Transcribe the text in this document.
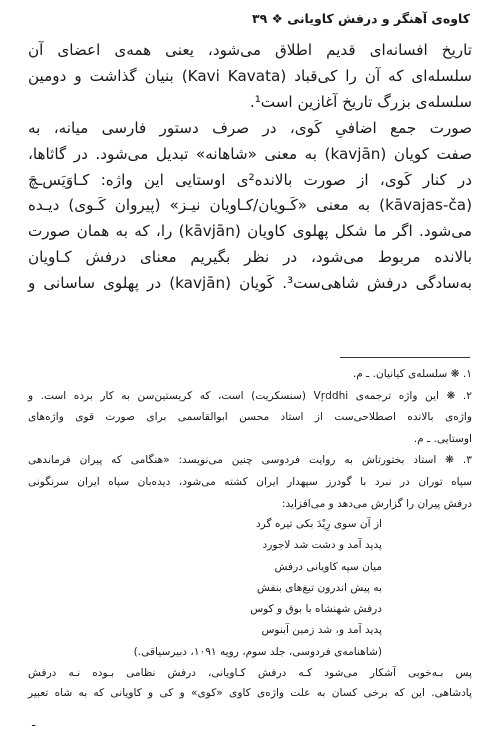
کاوه‌ی آهنگر و درفش کاویانی ❖ ۳۹

تاریخ افسانه‌ای قدیم اطلاق می‌شود، یعنی همه‌ی اعضای آن

سلسله‌ای که آن را کی‌قباد (Kavi Kavata) بنیان گذاشت و دومین

سلسله‌ی بزرگ تاریخ آغازین است¹.

صورت جمع اضافیِ کَوی، در صرف دستور فارسی میانه، به

صفت کویان (kavjān) به معنی «شاهانه» تبدیل می‌شود. در گاثاها،

در کنار کَوی، از صورت بالانده²ی اوستایی این واژه: کـاوَیَس‌ـچَ

(kāvajas-ča) به معنی «کَـویان/کـاویان نیـز» (پیروان کَـوی) دیـده

می‌شود. اگر ما شکل پهلوی کاویان (kāvjān) را، که به همان صورت

بالانده مربوط می‌شود، در نظر بگیریم معنای درفش کـاویان

به‌سادگی درفش شاهی‌ست³. کَویان (kavjān) در پهلوی ساسانی و

۱. ❋ سلسله‌ی کیانیان. ـ م.
۲. ❋ این واژه ترجمه‌ی Vŗddhi (سنسکریت) است، که کریستین‌سن به کار برده است. و
واژه‌ی بالانده اصطلاحی‌ست از استاد محسن ابوالقاسمی برای صورت قوی واژه‌های
اوستایی. ـ م.
۳. ❋ استاد بختورتاش به روایت فردوسی چنین می‌نویسد: «هنگامی که پیران فرماندهی
سپاه توران در نبرد با گودرز سپهدار ایران کشته می‌شود، دیده‌بان سپاه ایران سرنگونی
درفش پیران را گزارش می‌دهد و می‌افزاید:
از آن سوی رِیْدَ بکی تیره گرد
پدید آمد و دشت شد لاجورد
میان سپه کاویانی درفش
به پیش اندرون تیغ‌های بنفش
درفش شهنشاه با بوق و کوس
پدید آمد و، شد زمین آبنوس
(شاهنامه‌ی فردوسی، جلد سوم، رویه ۱۰۹۱، دبیرسیاقی.)
پس بـه‌خوبی آشکار می‌شود کـه درفش کـاویانی، درفش نظامی بـوده نـه درفش
پادشاهی. این که برخی کسان به علت واژه‌ی کاوی «کوی» و کی و کاویانی که به شاه تعبیر
ـ
